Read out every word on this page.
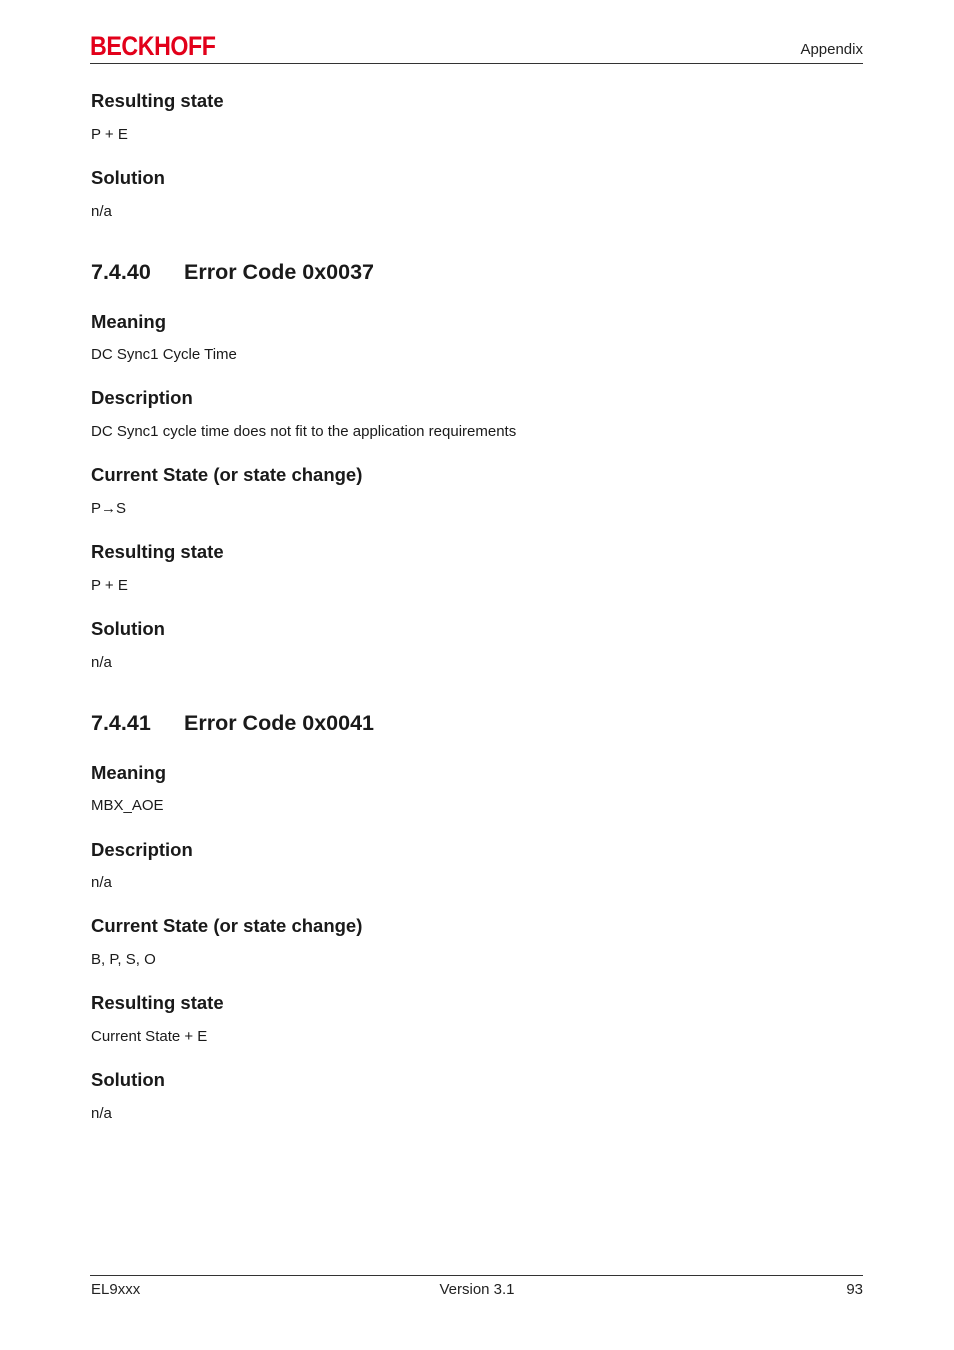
BECKHOFF	Appendix
Resulting state
P + E
Solution
n/a
7.4.40 Error Code 0x0037
Meaning
DC Sync1 Cycle Time
Description
DC Sync1 cycle time does not fit to the application requirements
Current State (or state change)
P→S
Resulting state
P + E
Solution
n/a
7.4.41 Error Code 0x0041
Meaning
MBX_AOE
Description
n/a
Current State (or state change)
B, P, S, O
Resulting state
Current State + E
Solution
n/a
EL9xxx	Version 3.1	93
